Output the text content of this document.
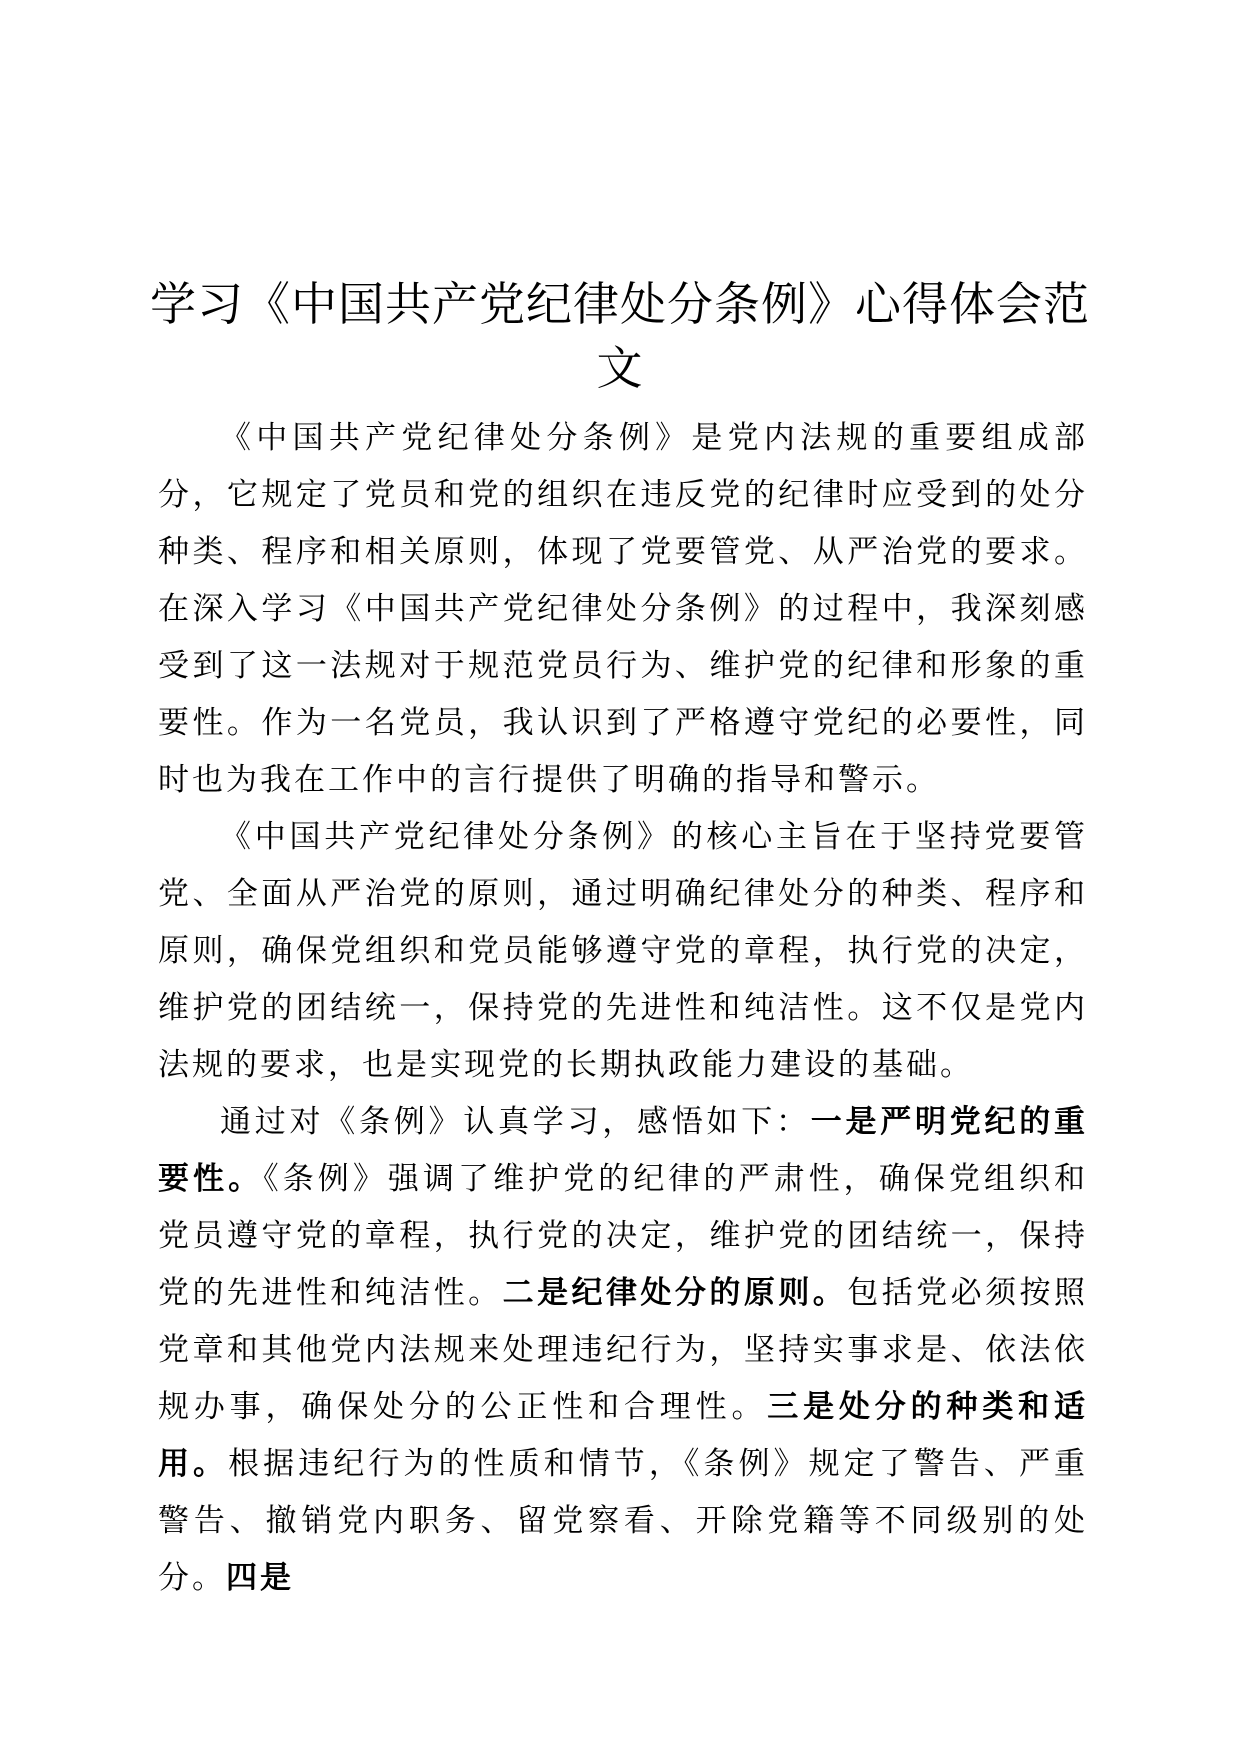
学习《中国共产党纪律处分条例》心得体会范文

《中国共产党纪律处分条例》是党内法规的重要组成部分，它规定了党员和党的组织在违反党的纪律时应受到的处分种类、程序和相关原则，体现了党要管党、从严治党的要求。在深入学习《中国共产党纪律处分条例》的过程中，我深刻感受到了这一法规对于规范党员行为、维护党的纪律和形象的重要性。作为一名党员，我认识到了严格遵守党纪的必要性，同时也为我在工作中的言行提供了明确的指导和警示。

《中国共产党纪律处分条例》的核心主旨在于坚持党要管党、全面从严治党的原则，通过明确纪律处分的种类、程序和原则，确保党组织和党员能够遵守党的章程，执行党的决定，维护党的团结统一，保持党的先进性和纯洁性。这不仅是党内法规的要求，也是实现党的长期执政能力建设的基础。

通过对《条例》认真学习，感悟如下：一是严明党纪的重要性。《条例》强调了维护党的纪律的严肃性，确保党组织和党员遵守党的章程，执行党的决定，维护党的团结统一，保持党的先进性和纯洁性。二是纪律处分的原则。包括党必须按照党章和其他党内法规来处理违纪行为，坚持实事求是、依法依规办事，确保处分的公正性和合理性。三是处分的种类和适用。根据违纪行为的性质和情节，《条例》规定了警告、严重警告、撤销党内职务、留党察看、开除党籍等不同级别的处分。四是
